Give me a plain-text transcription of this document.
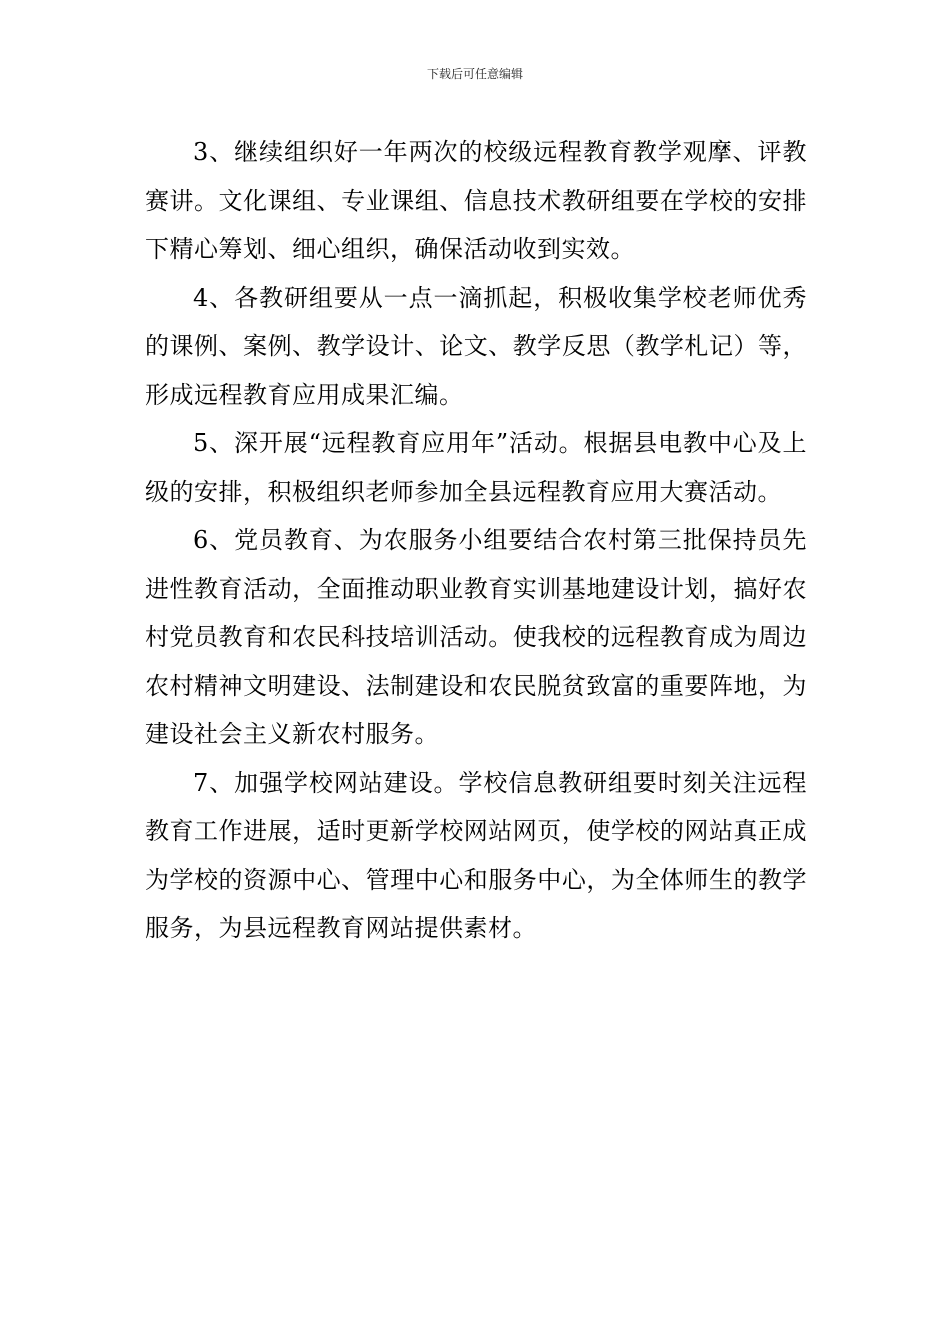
下载后可任意编辑

3、继续组织好一年两次的校级远程教育教学观摩、评教赛讲。文化课组、专业课组、信息技术教研组要在学校的安排下精心筹划、细心组织，确保活动收到实效。

4、各教研组要从一点一滴抓起，积极收集学校老师优秀的课例、案例、教学设计、论文、教学反思（教学札记）等，形成远程教育应用成果汇编。

5、深开展“远程教育应用年”活动。根据县电教中心及上级的安排，积极组织老师参加全县远程教育应用大赛活动。

6、党员教育、为农服务小组要结合农村第三批保持员先进性教育活动，全面推动职业教育实训基地建设计划，搞好农村党员教育和农民科技培训活动。使我校的远程教育成为周边农村精神文明建设、法制建设和农民脱贫致富的重要阵地，为建设社会主义新农村服务。

7、加强学校网站建设。学校信息教研组要时刻关注远程教育工作进展，适时更新学校网站网页，使学校的网站真正成为学校的资源中心、管理中心和服务中心，为全体师生的教学服务，为县远程教育网站提供素材。
